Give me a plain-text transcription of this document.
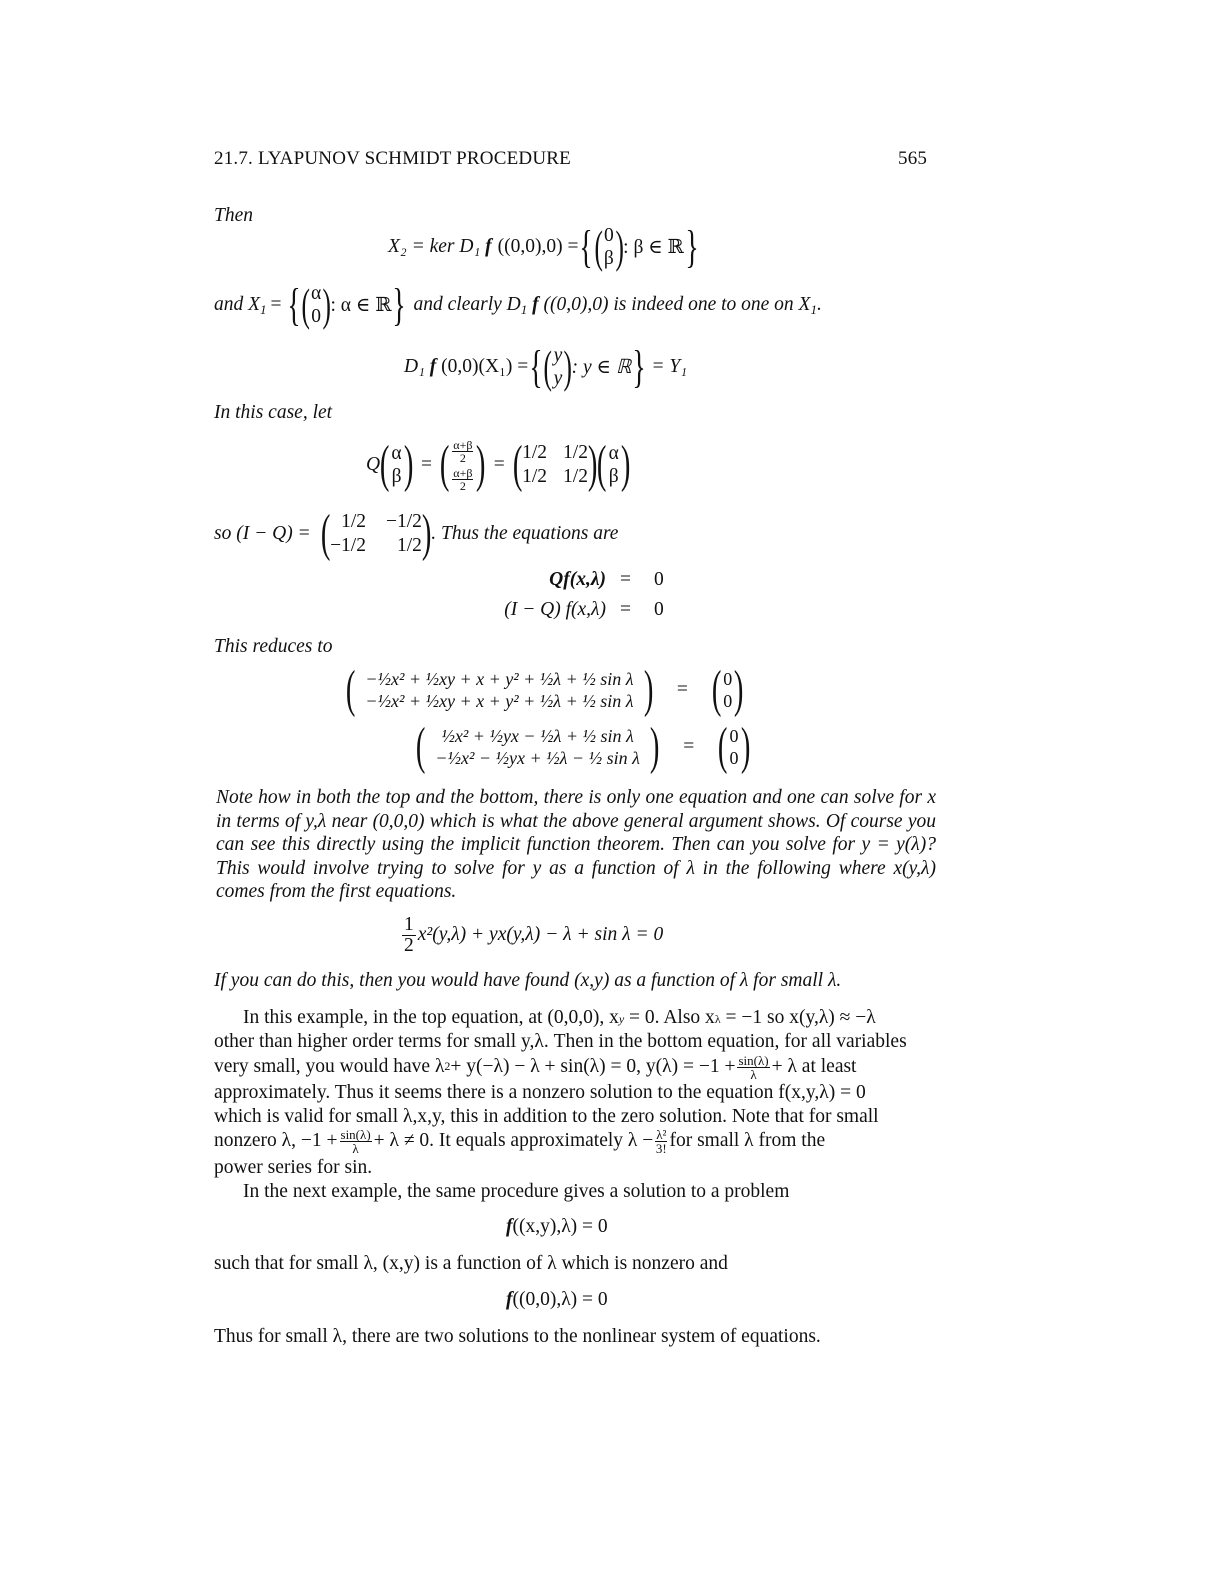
21.7. LYAPUNOV SCHMIDT PROCEDURE	565
Then
X₂ = ker D₁ f ((0,0),0) = { ( 0
β ) : β ∈ ℝ }
and X 1 = { ( α
0 ) : α ∈ ℝ } and clearly D 1 f ((0,0),0) is indeed one to one on X 1 .
D₁ f (0,0)(X₁) = { ( y
y ) : y ∈ ℝ } = Y₁
In this case, let
Q ( α
β ) = ( $\frac{\alpha+\beta}{2}$
$\frac{\alpha+\beta}{2}$ ) = ( 1/2 1/2
1/2 1/2 ) ( α
β )
so (I − Q) = ( 1/2 −1/2
−1/2	1/2 ) . Thus the equations are
Qf(x,λ) = 0
(I − Q) f(x,λ) = 0
This reduces to
( −½x² + ½xy + x + y² + ½λ + ½ sin λ
−½x² + ½xy + x + y² + ½λ + ½ sin λ ) = ( 0
0 )
( ½x² + ½yx − ½λ + ½ sin λ
−½x² − ½yx + ½λ − ½ sin λ ) = ( 0
0 )
Note how in both the top and the bottom, there is only one equation and one can solve for x in terms of y,λ near (0,0,0) which is what the above general argument shows. Of course you can see this directly using the implicit function theorem. Then can you solve for y = y(λ)? This would involve trying to solve for y as a function of λ in the following where x(y,λ) comes from the first equations.
$\frac{1}{2} x^2(y,\lambda) + yx(y,\lambda) - \lambda + \sin \lambda = 0$
If you can do this, then you would have found (x,y) as a function of λ for small λ.
In this example, in the top equation, at (0,0,0), xy = 0. Also xλ = −1 so x(y,λ) ≈ −λ
other than higher order terms for small y,λ. Then in the bottom equation, for all variables
very small, you would have λ 2 + y(−λ) − λ + sin(λ) = 0, $y(\lambda) = -1 + \frac{\sin(\lambda)}{\lambda} + \lambda$ at least
approximately. Thus it seems there is a nonzero solution to the equation f(x,y,λ) = 0
which is valid for small λ,x,y, this in addition to the zero solution. Note that for small
nonzero λ, $-1 + \frac{\sin(\lambda)}{\lambda} + \lambda \ne 0$. It equals approximately $\lambda - \frac{\text{λ²}}{3!}$ for small λ from the
power series for sin.
In the next example, the same procedure gives a solution to a problem
f((x,y),λ) = 0
such that for small λ, (x,y) is a function of λ which is nonzero and
f((0,0),λ) = 0
Thus for small λ, there are two solutions to the nonlinear system of equations.
